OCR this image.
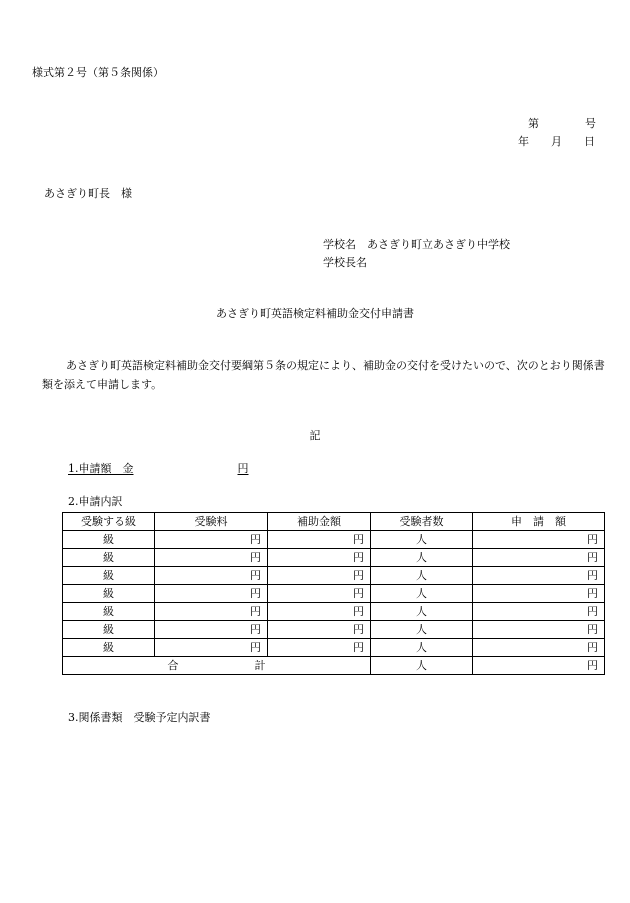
様式第２号（第５条関係）
第	号
年 月 日
あさぎり町長　様
学校名　あさぎり町立あさぎり中学校
学校長名
あさぎり町英語検定料補助金交付申請書
あさぎり町英語検定料補助金交付要綱第５条の規定により、補助金の交付を受けたいので、次のとおり関係書類を添えて申請します。
記
1.申請額　金	円
2.申請内訳
受験する級	受験料	補助金額	受験者数	申　請　額
級	円	円	人	円
級	円	円	人	円
級	円	円	人	円
級	円	円	人	円
級	円	円	人	円
級	円	円	人	円
級	円	円	人	円
合 計			人	円
3.関係書類　受験予定内訳書
